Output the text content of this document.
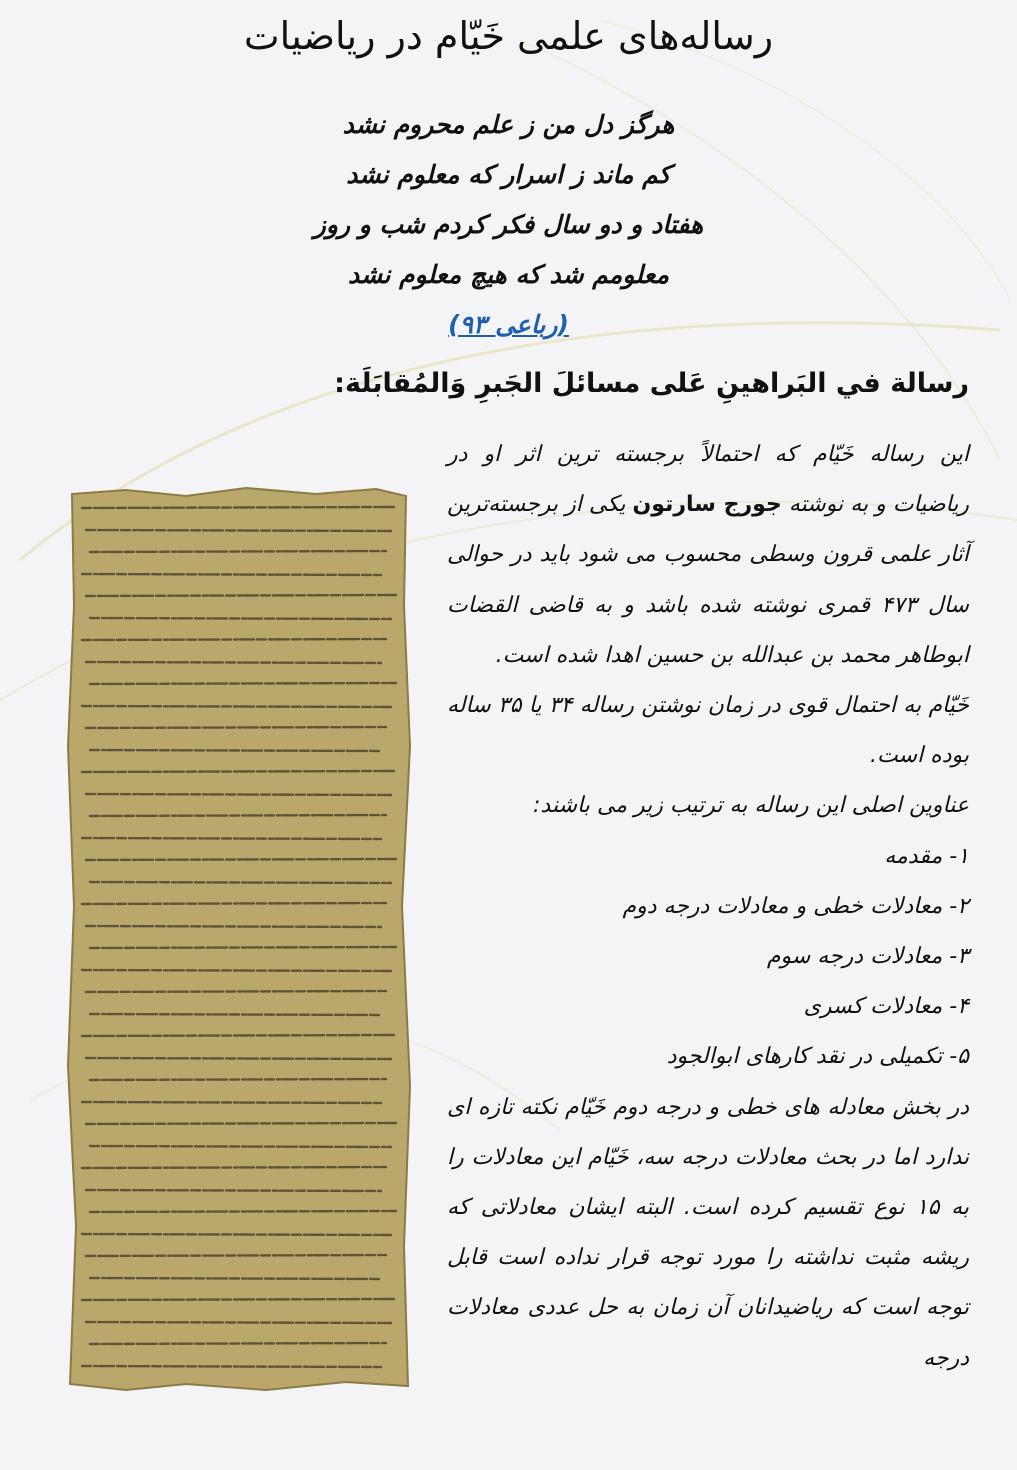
رساله‌های علمی خَیّام در ریاضیات
هرگز دل من ز علم محروم نشد
کم ماند ز اسرار که معلوم نشد
هفتاد و دو سال فکر کردم شب و روز
معلومم شد که هیچ معلوم نشد
(رباعی ۹۳)
رسالة في البَراهينِ عَلى مسائلَ الجَبرِ وَالمُقابَلَة:

این رساله خَیّام که احتمالاً برجسته ترین اثر او در ریاضیات و به نوشته جورج سارتون یکی از برجسته‌ترین آثار علمی قرون وسطی محسوب می شود باید در حوالی سال ۴۷۳ قمری نوشته شده باشد و به قاضی القضات ابوطاهر محمد بن عبدالله بن حسین اهدا شده است.

خَیّام به احتمال قوی در زمان نوشتن رساله ۳۴ یا ۳۵ ساله بوده است.

عناوین اصلی این رساله به ترتیب زیر می باشند:

۱- مقدمه

۲- معادلات خطی و معادلات درجه دوم

۳- معادلات درجه سوم

۴- معادلات کسری

۵- تکمیلی در نقد کارهای ابوالجود

در بخش معادله های خطی و درجه دوم خَیّام نکته تازه ای ندارد اما در بحث معادلات درجه سه، خَیّام این معادلات را به ۱۵ نوع تقسیم کرده است. البته ایشان معادلاتی که ریشه مثبت نداشته را مورد توجه قرار نداده است قابل توجه است که ریاضیدانان آن زمان به حل عددی معادلات درجه
